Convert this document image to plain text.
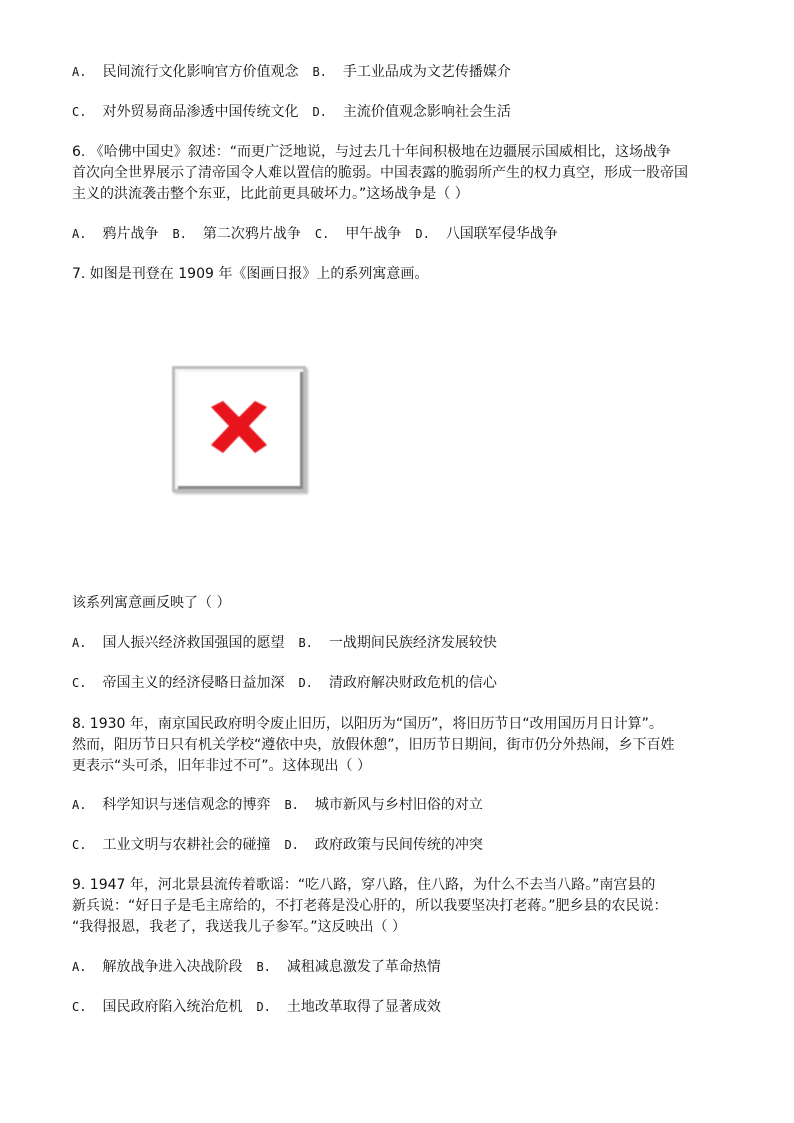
A. 民间流行文化影响官方价值观念 B. 手工业品成为文艺传播媒介
C. 对外贸易商品渗透中国传统文化 D. 主流价值观念影响社会生活
6. 《哈佛中国史》叙述：“而更广泛地说，与过去几十年间积极地在边疆展示国威相比，这场战争
首次向全世界展示了清帝国令人难以置信的脆弱。中国表露的脆弱所产生的权力真空，形成一股帝国
主义的洪流袭击整个东亚，比此前更具破坏力。”这场战争是（ ）
A. 鸦片战争 B. 第二次鸦片战争 C. 甲午战争 D. 八国联军侵华战争
7. 如图是刊登在 1909 年《图画日报》上的系列寓意画。
该系列寓意画反映了（ ）
A. 国人振兴经济救国强国的愿望 B. 一战期间民族经济发展较快
C. 帝国主义的经济侵略日益加深 D. 清政府解决财政危机的信心
8. 1930 年，南京国民政府明令废止旧历，以阳历为“国历”，将旧历节日“改用国历月日计算”。
然而，阳历节日只有机关学校“遵依中央，放假休憩”，旧历节日期间，街市仍分外热闹，乡下百姓
更表示“头可杀，旧年非过不可”。这体现出（ ）
A. 科学知识与迷信观念的博弈 B. 城市新风与乡村旧俗的对立
C. 工业文明与农耕社会的碰撞 D. 政府政策与民间传统的冲突
9. 1947 年，河北景县流传着歌谣：“吃八路，穿八路，住八路，为什么不去当八路。”南宫县的
新兵说：“好日子是毛主席给的，不打老蒋是没心肝的，所以我要坚决打老蒋。”肥乡县的农民说：
“我得报恩，我老了，我送我儿子参军。”这反映出（ ）
A. 解放战争进入决战阶段 B. 减租减息激发了革命热情
C. 国民政府陷入统治危机 D. 土地改革取得了显著成效
